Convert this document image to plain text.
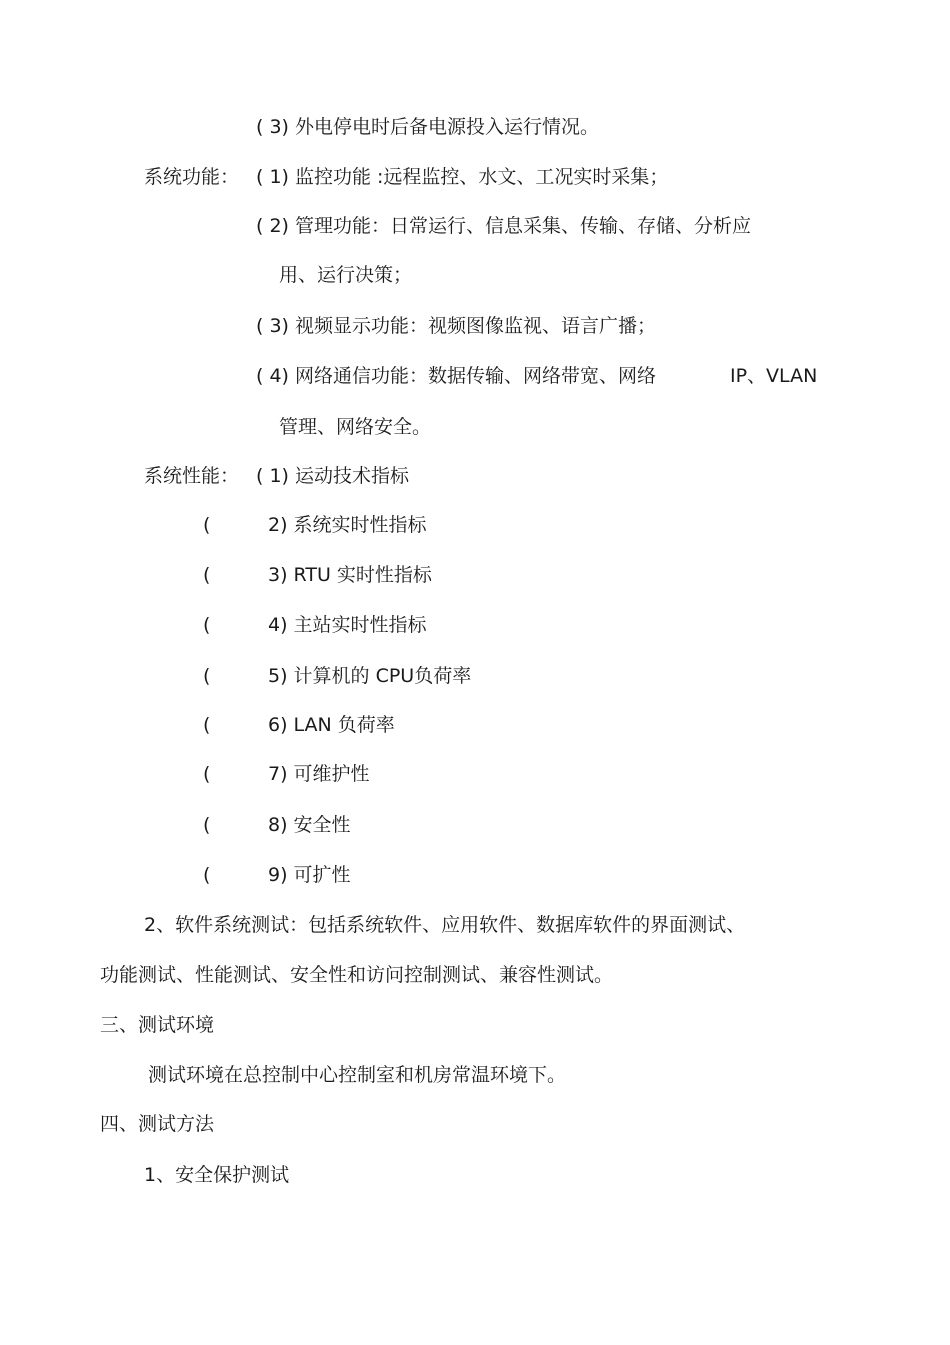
( 3) 外电停电时后备电源投入运行情况。
系统功能： ( 1) 监控功能 :远程监控、水文、工况实时采集；
( 2) 管理功能：日常运行、信息采集、传输、存储、分析应
用、运行决策；
( 3) 视频显示功能：视频图像监视、语言广播；
( 4) 网络通信功能：数据传输、网络带宽、网络	IP、VLAN
管理、网络安全。
系统性能： ( 1) 运动技术指标
(	2) 系统实时性指标
(	3) RTU 实时性指标
(	4) 主站实时性指标
(	5) 计算机的 CPU负荷率
(	6) LAN 负荷率
(	7) 可维护性
(	8) 安全性
(	9) 可扩性
2、软件系统测试：包括系统软件、应用软件、数据库软件的界面测试、
功能测试、性能测试、安全性和访问控制测试、兼容性测试。
三、测试环境
测试环境在总控制中心控制室和机房常温环境下。
四、测试方法
1、安全保护测试
